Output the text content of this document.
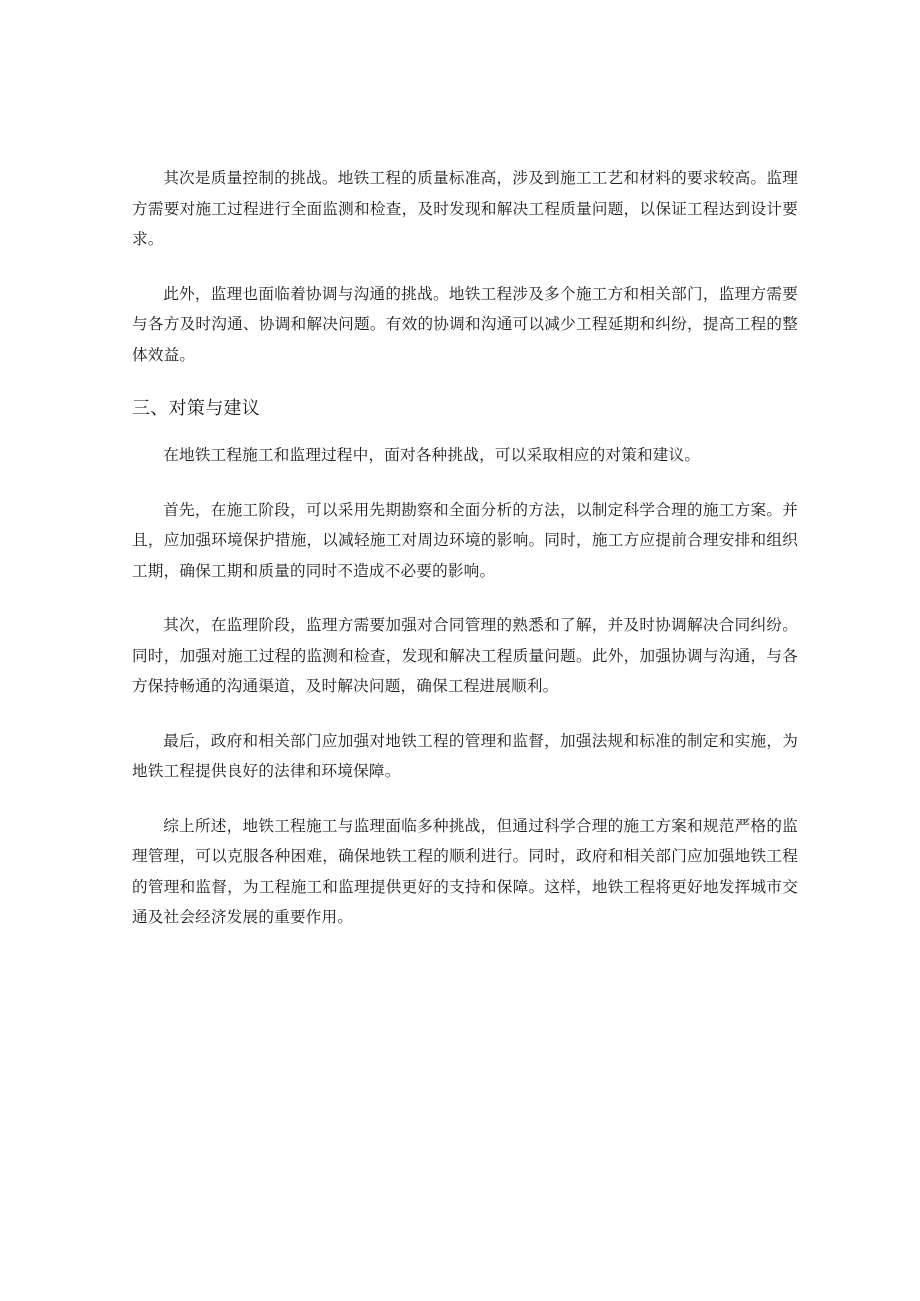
其次是质量控制的挑战。地铁工程的质量标准高，涉及到施工工艺和材料的要求较高。监理方需要对施工过程进行全面监测和检查，及时发现和解决工程质量问题，以保证工程达到设计要求。

此外，监理也面临着协调与沟通的挑战。地铁工程涉及多个施工方和相关部门，监理方需要与各方及时沟通、协调和解决问题。有效的协调和沟通可以减少工程延期和纠纷，提高工程的整体效益。

三、对策与建议

在地铁工程施工和监理过程中，面对各种挑战，可以采取相应的对策和建议。

首先，在施工阶段，可以采用先期勘察和全面分析的方法，以制定科学合理的施工方案。并且，应加强环境保护措施，以减轻施工对周边环境的影响。同时，施工方应提前合理安排和组织工期，确保工期和质量的同时不造成不必要的影响。

其次，在监理阶段，监理方需要加强对合同管理的熟悉和了解，并及时协调解决合同纠纷。同时，加强对施工过程的监测和检查，发现和解决工程质量问题。此外，加强协调与沟通，与各方保持畅通的沟通渠道，及时解决问题，确保工程进展顺利。

最后，政府和相关部门应加强对地铁工程的管理和监督，加强法规和标准的制定和实施，为地铁工程提供良好的法律和环境保障。

综上所述，地铁工程施工与监理面临多种挑战，但通过科学合理的施工方案和规范严格的监理管理，可以克服各种困难，确保地铁工程的顺利进行。同时，政府和相关部门应加强地铁工程的管理和监督，为工程施工和监理提供更好的支持和保障。这样，地铁工程将更好地发挥城市交通及社会经济发展的重要作用。
